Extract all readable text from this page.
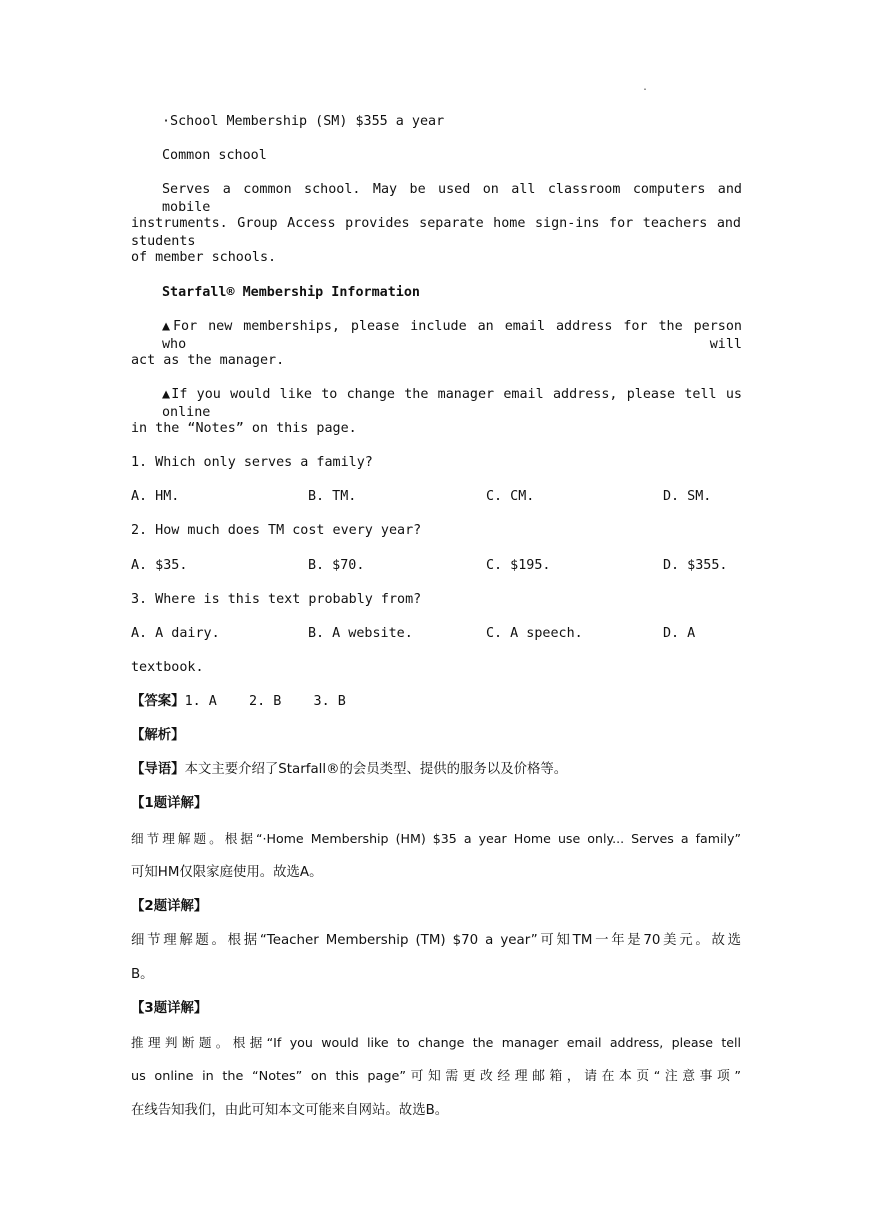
.
·School Membership (SM) $355 a year
Common school
Serves a common school. May be used on all classroom computers and mobile
instruments. Group Access provides separate home sign-ins for teachers and students
of member schools.
Starfall® Membership Information
▲For new memberships, please include an email address for the person who will
act as the manager.
▲If you would like to change the manager email address, please tell us online
in the “Notes” on this page.
1. Which only serves a family?
A. HM.	B. TM.	C. CM.	D. SM.
2. How much does TM cost every year?
A. $35.	B. $70.	C. $195.	D. $355.
3. Where is this text probably from?
A. A dairy.	B. A website.	C. A speech.	D. A
textbook.
【答案】1. A    2. B    3. B
【解析】
【导语】本文主要介绍了Starfall®的会员类型、提供的服务以及价格等。
【1题详解】
细节理解题。根据“·Home Membership (HM) $35 a year Home use only... Serves a family”
可知HM仅限家庭使用。故选A。
【2题详解】
细节理解题。根据“Teacher Membership (TM) $70 a year”可知TM一年是70美元。故选
B。
【3题详解】
推理判断题。根据“If you would like to change the manager email address, please tell
us online in the “Notes” on this page”可知需更改经理邮箱，请在本页“注意事项”
在线告知我们，由此可知本文可能来自网站。故选B。
